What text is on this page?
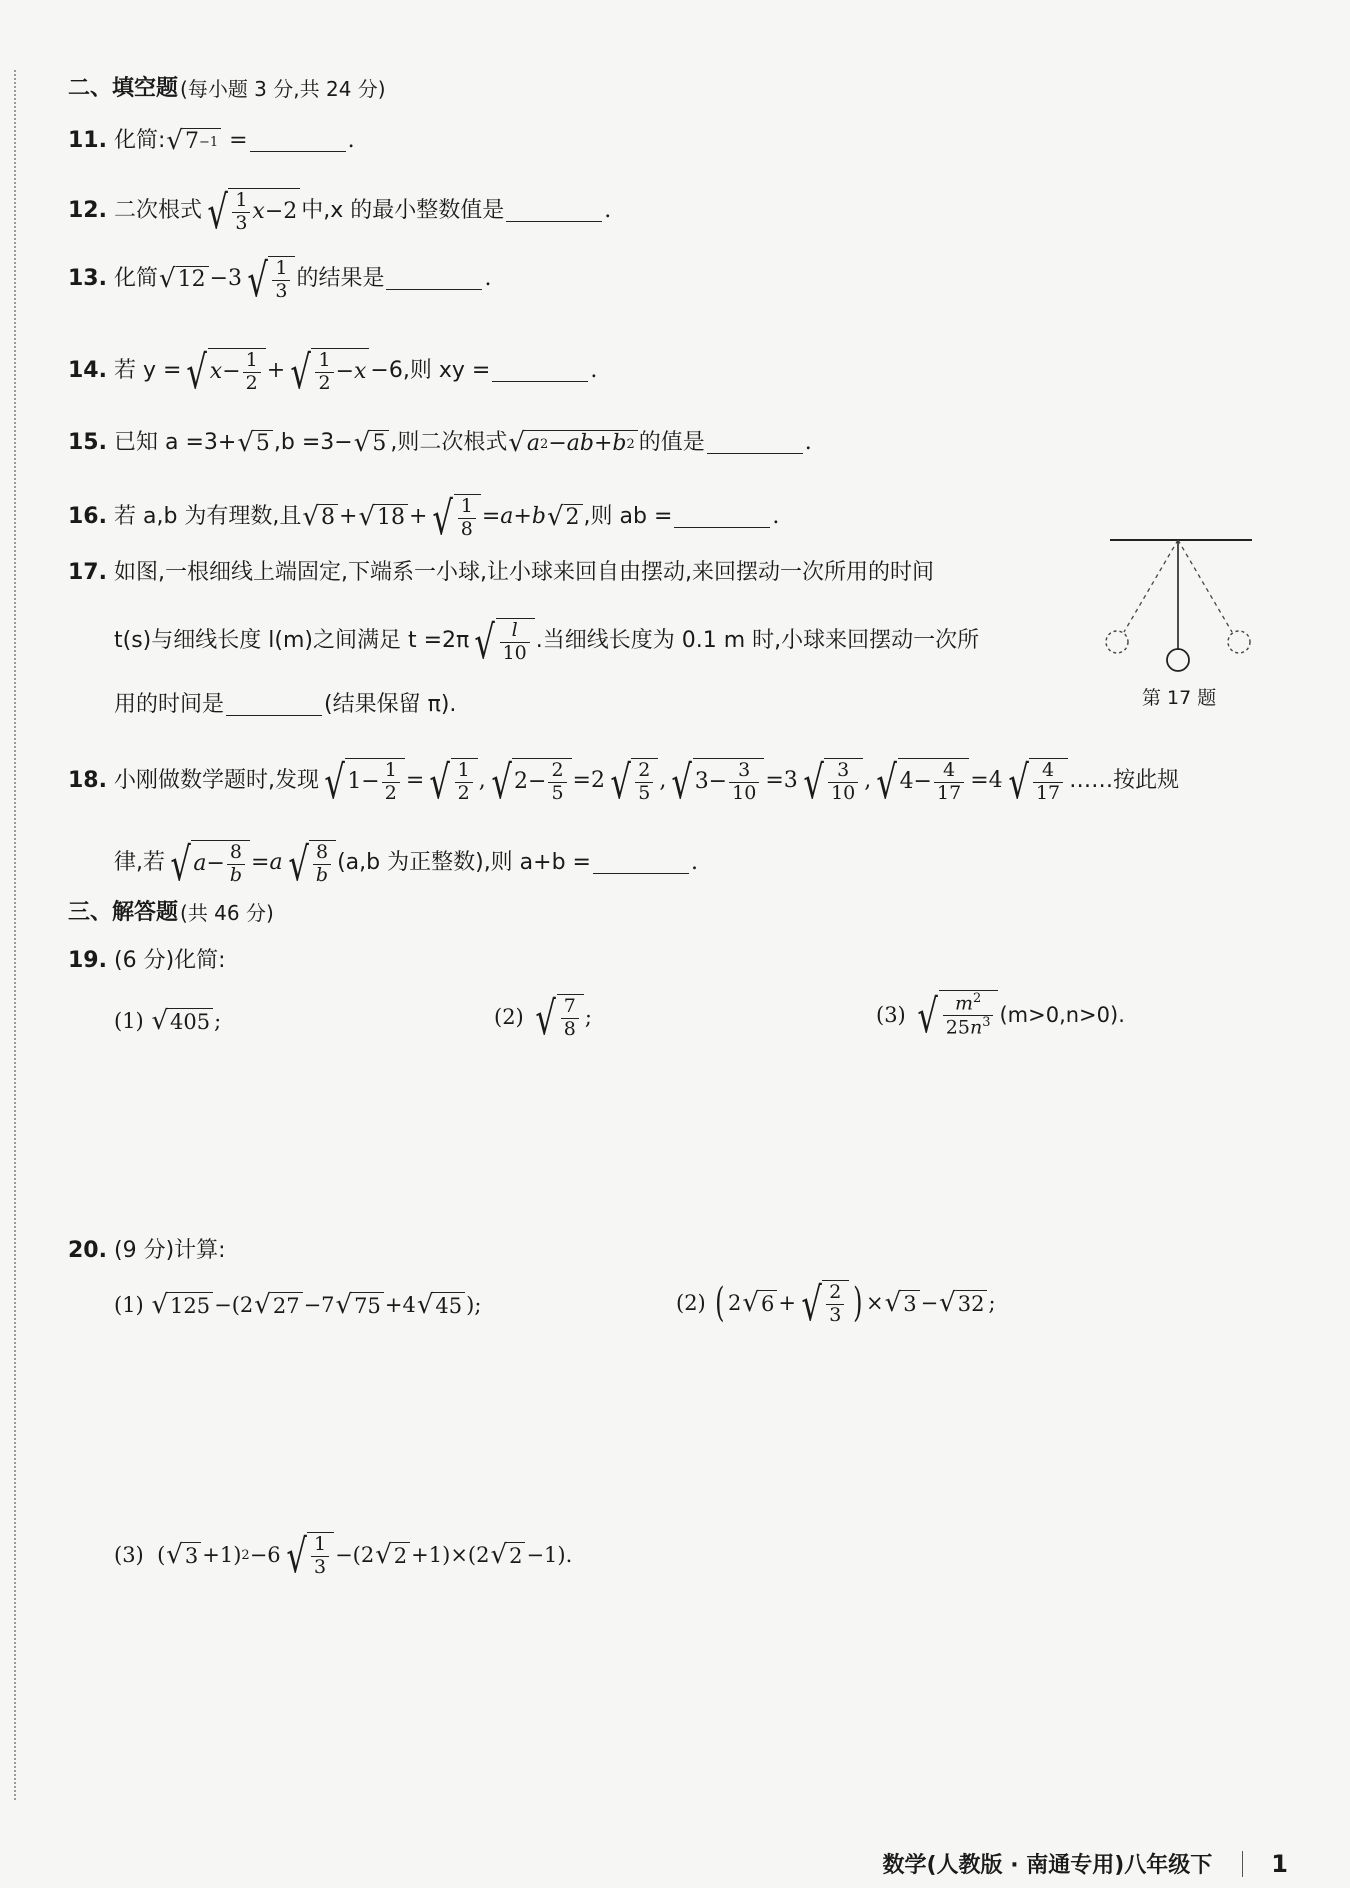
二、填空题 (每小题 3 分,共 24 分)
11. 化简: √ 7 −1 =	.
12. 二次根式 √ $\frac{1}{3}$ x −2 中,x 的最小整数值是	.
13. 化简 √ 12 −3 √ $\frac{1}{3}$ 的结果是	.
14. 若 y = √ $x - \frac{1}{2}$ + √ $\frac{1}{2} - x -6$,则 xy =	.
15. 已知 a =3+ √ 5 ,b =3− √ 5 ,则二次根式 √ a 2 − ab + b 2 的值是	.
16. 若 a,b 为有理数,且 √ 8 + √ 18 + √ $\frac{1}{8} = a + b$ √ 2 ,则 ab =	.
17. 如图,一根细线上端固定,下端系一小球,让小球来回自由摆动,来回摆动一次所用的时间
t(s)与细线长度 l(m)之间满足 t =2π √ $\frac{l}{10}$ .当细线长度为 0.1 m 时,小球来回摆动一次所
用的时间是	(结果保留 π).	第 17 题
18. 小刚做数学题时,发现 √ $1- \frac{1}{2}$ = √ $\frac{1}{2}$ , √ $2- \frac{2}{5} =2$ √ $\frac{2}{5}$ , √ $3- \frac{3}{10} =3$ √ $\frac{3}{10}$ , √ $4- \frac{4}{17} =4$ √ $\frac{4}{17}$ ……按此规
律,若 √ $a - \frac{8}{b} = a$ √ $\frac{8}{b} (a,b$ 为正整数),则 a+b =	.
三、解答题 (共 46 分)
19. (6 分)化简:
(1)
√ 405 ;	(2)
√ $\frac{7}{8}$ ;	(3)
√ $\frac{m^2}{25n^3} (m>0,n>0)$.
20. (9 分)计算:
(1)
√ 125 −(2 √ 27 −7 √ 75 +4 √ 45 );	(2)
( 2 √ 6 + √ $\frac{2}{3}$ ) × √ 3 − √ 32 ;
(3) ( √ 3 +1) 2 −6 √ $\frac{1}{3} -(2$ √ 2 +1)×(2 √ 2 −1).
数学(人教版 · 南通专用)八年级下 1
